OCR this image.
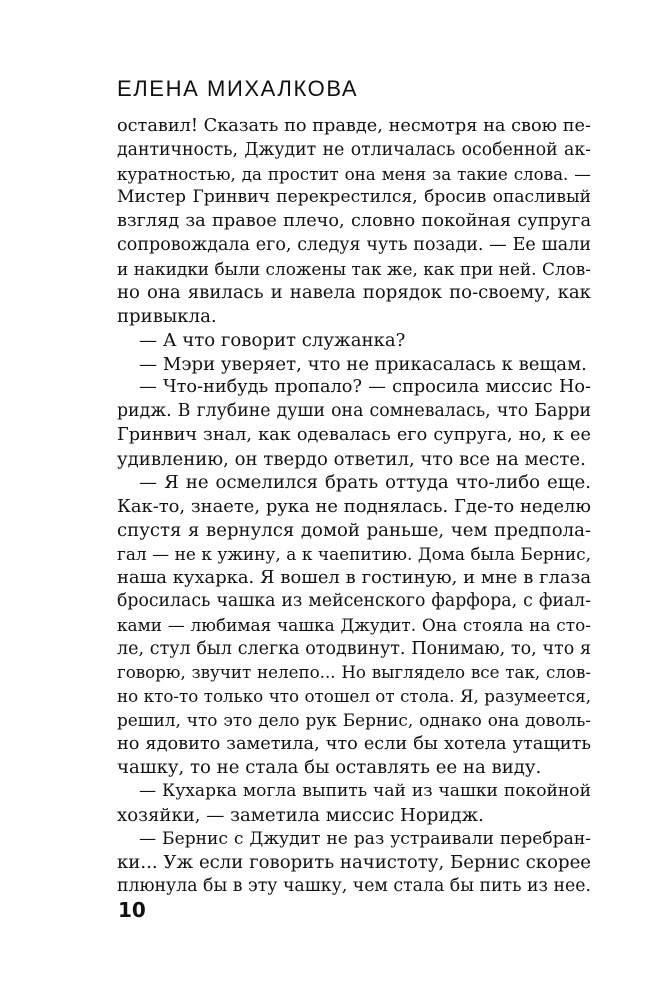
ЕЛЕНА МИХАЛКОВА
оставил! Сказать по правде, несмотря на свою пе-
дантичность, Джудит не отличалась особенной ак-
куратностью, да простит она меня за такие слова. —
Мистер Гринвич перекрестился, бросив опасливый
взгляд за правое плечо, словно покойная супруга
сопровождала его, следуя чуть позади. — Ее шали
и накидки были сложены так же, как при ней. Слов-
но она явилась и навела порядок по-своему, как
привыкла.
— А что говорит служанка?
— Мэри уверяет, что не прикасалась к вещам.
— Что-нибудь пропало? — спросила миссис Но-
ридж. В глубине души она сомневалась, что Барри
Гринвич знал, как одевалась его супруга, но, к ее
удивлению, он твердо ответил, что все на месте.
— Я не осмелился брать оттуда что-либо еще.
Как-то, знаете, рука не поднялась. Где-то неделю
спустя я вернулся домой раньше, чем предпола-
гал — не к ужину, а к чаепитию. Дома была Бернис,
наша кухарка. Я вошел в гостиную, и мне в глаза
бросилась чашка из мейсенского фарфора, с фиал-
ками — любимая чашка Джудит. Она стояла на сто-
ле, стул был слегка отодвинут. Понимаю, то, что я
говорю, звучит нелепо... Но выглядело все так, слов-
но кто-то только что отошел от стола. Я, разумеется,
решил, что это дело рук Бернис, однако она доволь-
но ядовито заметила, что если бы хотела утащить
чашку, то не стала бы оставлять ее на виду.
— Кухарка могла выпить чай из чашки покойной
хозяйки, — заметила миссис Норидж.
— Бернис с Джудит не раз устраивали перебран-
ки... Уж если говорить начистоту, Бернис скорее
плюнула бы в эту чашку, чем стала бы пить из нее.
10
